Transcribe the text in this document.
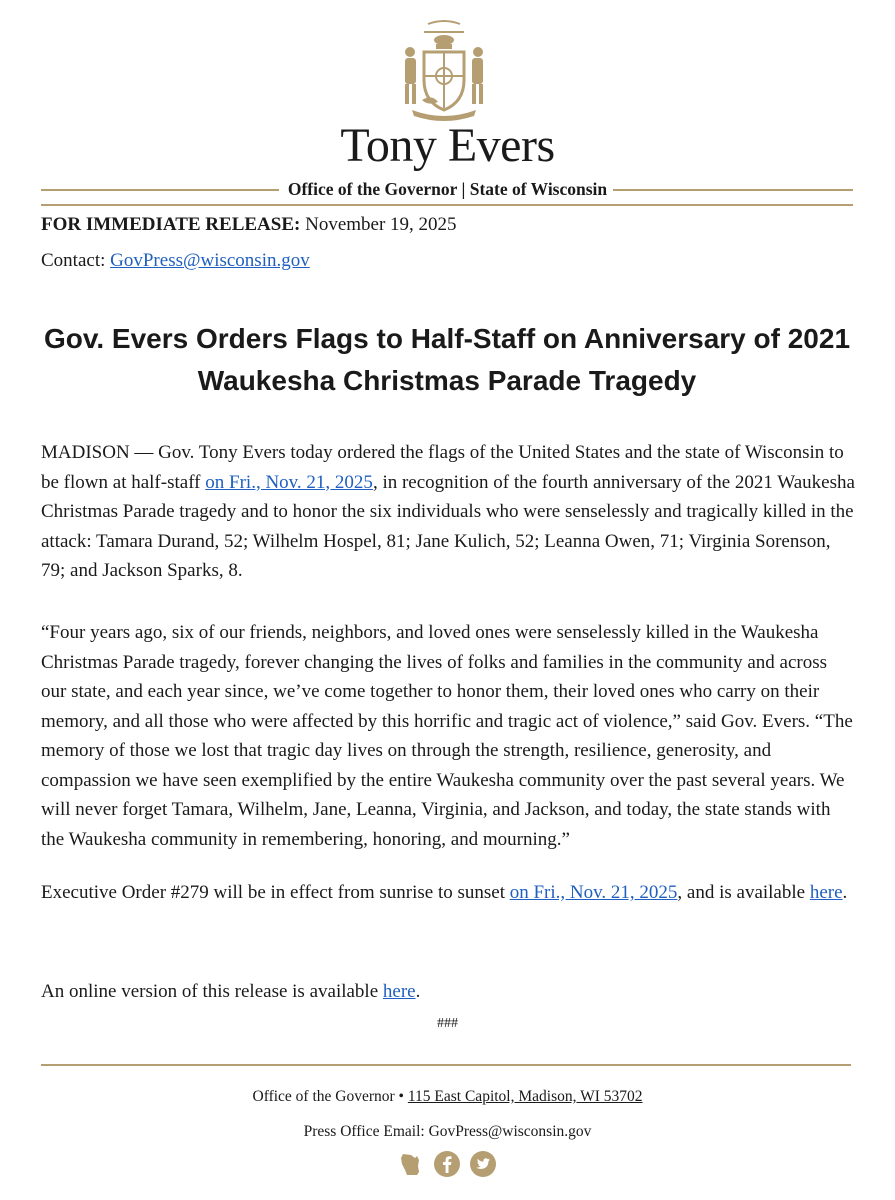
Tony Evers
Office of the Governor | State of Wisconsin

FOR IMMEDIATE RELEASE: November 19, 2025

Contact: GovPress@wisconsin.gov

Gov. Evers Orders Flags to Half-Staff on Anniversary of 2021 Waukesha Christmas Parade Tragedy

MADISON — Gov. Tony Evers today ordered the flags of the United States and the state of Wisconsin to be flown at half-staff on Fri., Nov. 21, 2025, in recognition of the fourth anniversary of the 2021 Waukesha Christmas Parade tragedy and to honor the six individuals who were senselessly and tragically killed in the attack: Tamara Durand, 52; Wilhelm Hospel, 81; Jane Kulich, 52; Leanna Owen, 71; Virginia Sorenson, 79; and Jackson Sparks, 8.

“Four years ago, six of our friends, neighbors, and loved ones were senselessly killed in the Waukesha Christmas Parade tragedy, forever changing the lives of folks and families in the community and across our state, and each year since, we’ve come together to honor them, their loved ones who carry on their memory, and all those who were affected by this horrific and tragic act of violence,” said Gov. Evers. “The memory of those we lost that tragic day lives on through the strength, resilience, generosity, and compassion we have seen exemplified by the entire Waukesha community over the past several years. We will never forget Tamara, Wilhelm, Jane, Leanna, Virginia, and Jackson, and today, the state stands with the Waukesha community in remembering, honoring, and mourning.”

Executive Order #279 will be in effect from sunrise to sunset on Fri., Nov. 21, 2025, and is available here.

An online version of this release is available here.

###
Office of the Governor • 115 East Capitol, Madison, WI 53702
Press Office Email: GovPress@wisconsin.gov
